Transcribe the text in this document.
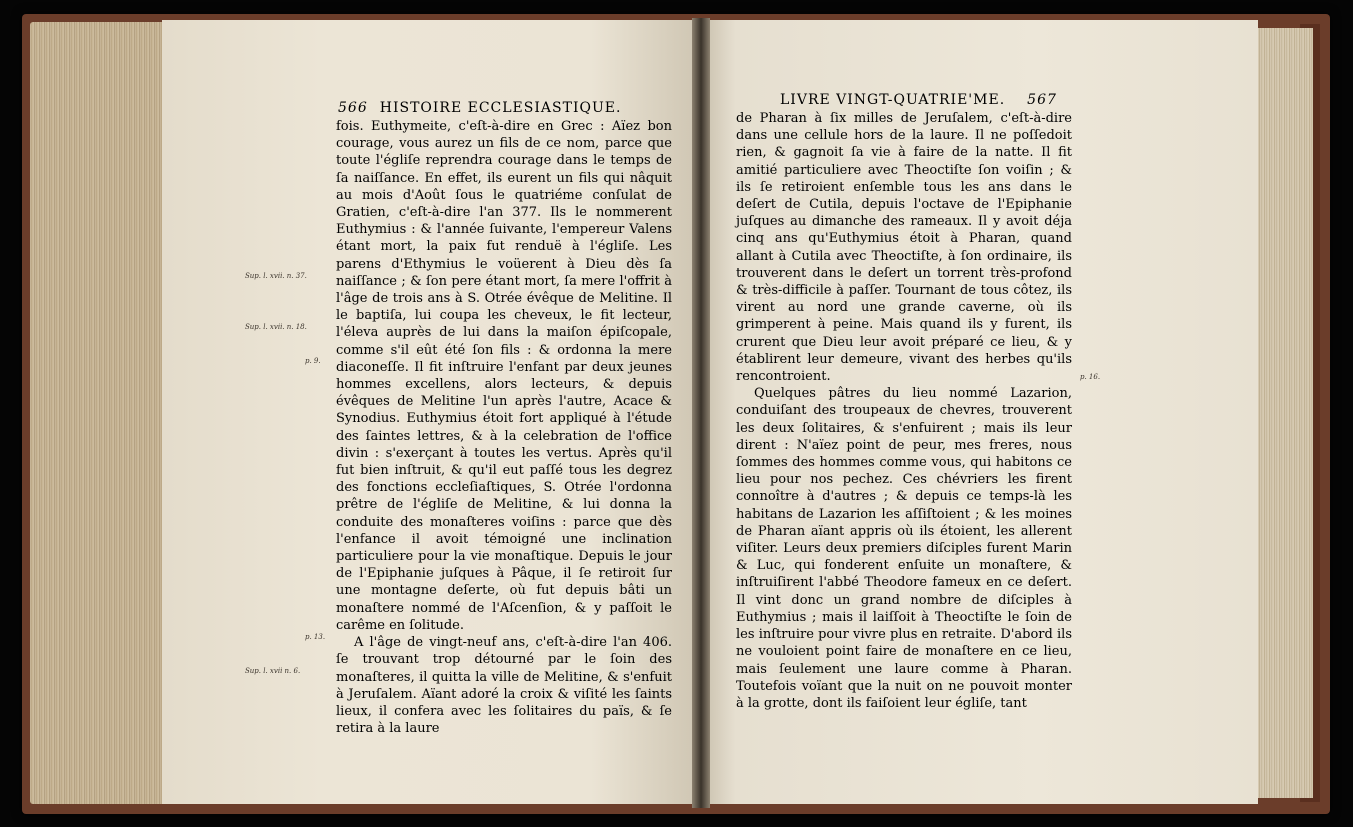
566 HISTOIRE ECCLESIASTIQUE.

fois. Euthymeite, c'eſt-à-dire en Grec : Aïez bon courage, vous aurez un fils de ce nom, parce que toute l'égliſe reprendra courage dans le temps de ſa naiſſance. En effet, ils eurent un fils qui nâquit au mois d'Août ſous le quatriéme conſulat de Gratien, c'eſt-à-dire l'an 377. Ils le nommerent Euthymius : & l'année ſuivante, l'empereur Valens étant mort, la paix fut renduë à l'égliſe. Les parens d'Ethymius le voüerent à Dieu dès ſa naiſſance ; & ſon pere étant mort, ſa mere l'offrit à l'âge de trois ans à S. Otrée évêque de Melitine. Il le baptiſa, lui coupa les cheveux, le fit lecteur, l'éleva auprès de lui dans la maiſon épiſcopale, comme s'il eût été ſon fils : & ordonna la mere diaconeſſe. Il fit inſtruire l'enfant par deux jeunes hommes excellens, alors lecteurs, & depuis évêques de Melitine l'un après l'autre, Acace & Synodius. Euthymius étoit fort appliqué à l'étude des ſaintes lettres, & à la celebration de l'office divin : s'exerçant à toutes les vertus. Après qu'il fut bien inſtruit, & qu'il eut paſſé tous les degrez des fonctions eccleſiaſtiques, S. Otrée l'ordonna prêtre de l'égliſe de Melitine, & lui donna la conduite des monaſteres voiſins : parce que dès l'enfance il avoit témoigné une inclination particuliere pour la vie monaſtique. Depuis le jour de l'Epiphanie juſques à Pâque, il ſe retiroit ſur une montagne deſerte, où fut depuis bâti un monaſtere nommé de l'Aſcenſion, & y paſſoit le carême en ſolitude.

A l'âge de vingt-neuf ans, c'eſt-à-dire l'an 406. ſe trouvant trop détourné par le ſoin des monaſteres, il quitta la ville de Melitine, & s'enfuit à Jeruſalem. Aïant adoré la croix & viſité les ſaints lieux, il confera avec les ſolitaires du païs, & ſe retira à la laure

Sup. l. xvii. n. 37.
Sup. l. xvii. n. 18.
p. 9.
p. 13.
Sup. l. xvii n. 6.
LIVRE VINGT-QUATRIE'ME. 567

de Pharan à ſix milles de Jeruſalem, c'eſt-à-dire dans une cellule hors de la laure. Il ne poſſedoit rien, & gagnoit ſa vie à faire de la natte. Il fit amitié particuliere avec Theoctiſte ſon voiſin ; & ils ſe retiroient enſemble tous les ans dans le deſert de Cutila, depuis l'octave de l'Epiphanie juſques au dimanche des rameaux. Il y avoit déja cinq ans qu'Euthymius étoit à Pharan, quand allant à Cutila avec Theoctiſte, à ſon ordinaire, ils trouverent dans le deſert un torrent très-profond & très-difficile à paſſer. Tournant de tous côtez, ils virent au nord une grande caverne, où ils grimperent à peine. Mais quand ils y furent, ils crurent que Dieu leur avoit préparé ce lieu, & y établirent leur demeure, vivant des herbes qu'ils rencontroient.

Quelques pâtres du lieu nommé Lazarion, conduiſant des troupeaux de chevres, trouverent les deux ſolitaires, & s'enfuirent ; mais ils leur dirent : N'aïez point de peur, mes freres, nous ſommes des hommes comme vous, qui habitons ce lieu pour nos pechez. Ces chévriers les firent connoître à d'autres ; & depuis ce temps-là les habitans de Lazarion les aſſiſtoient ; & les moines de Pharan aïant appris où ils étoient, les allerent viſiter. Leurs deux premiers diſciples furent Marin & Luc, qui fonderent enſuite un monaſtere, & inſtruiſirent l'abbé Theodore fameux en ce deſert. Il vint donc un grand nombre de diſciples à Euthymius ; mais il laiſſoit à Theoctiſte le ſoin de les inſtruire pour vivre plus en retraite. D'abord ils ne vouloient point faire de monaſtere en ce lieu, mais ſeulement une laure comme à Pharan. Toutefois voïant que la nuit on ne pouvoit monter à la grotte, dont ils faiſoient leur égliſe, tant

p. 16.
